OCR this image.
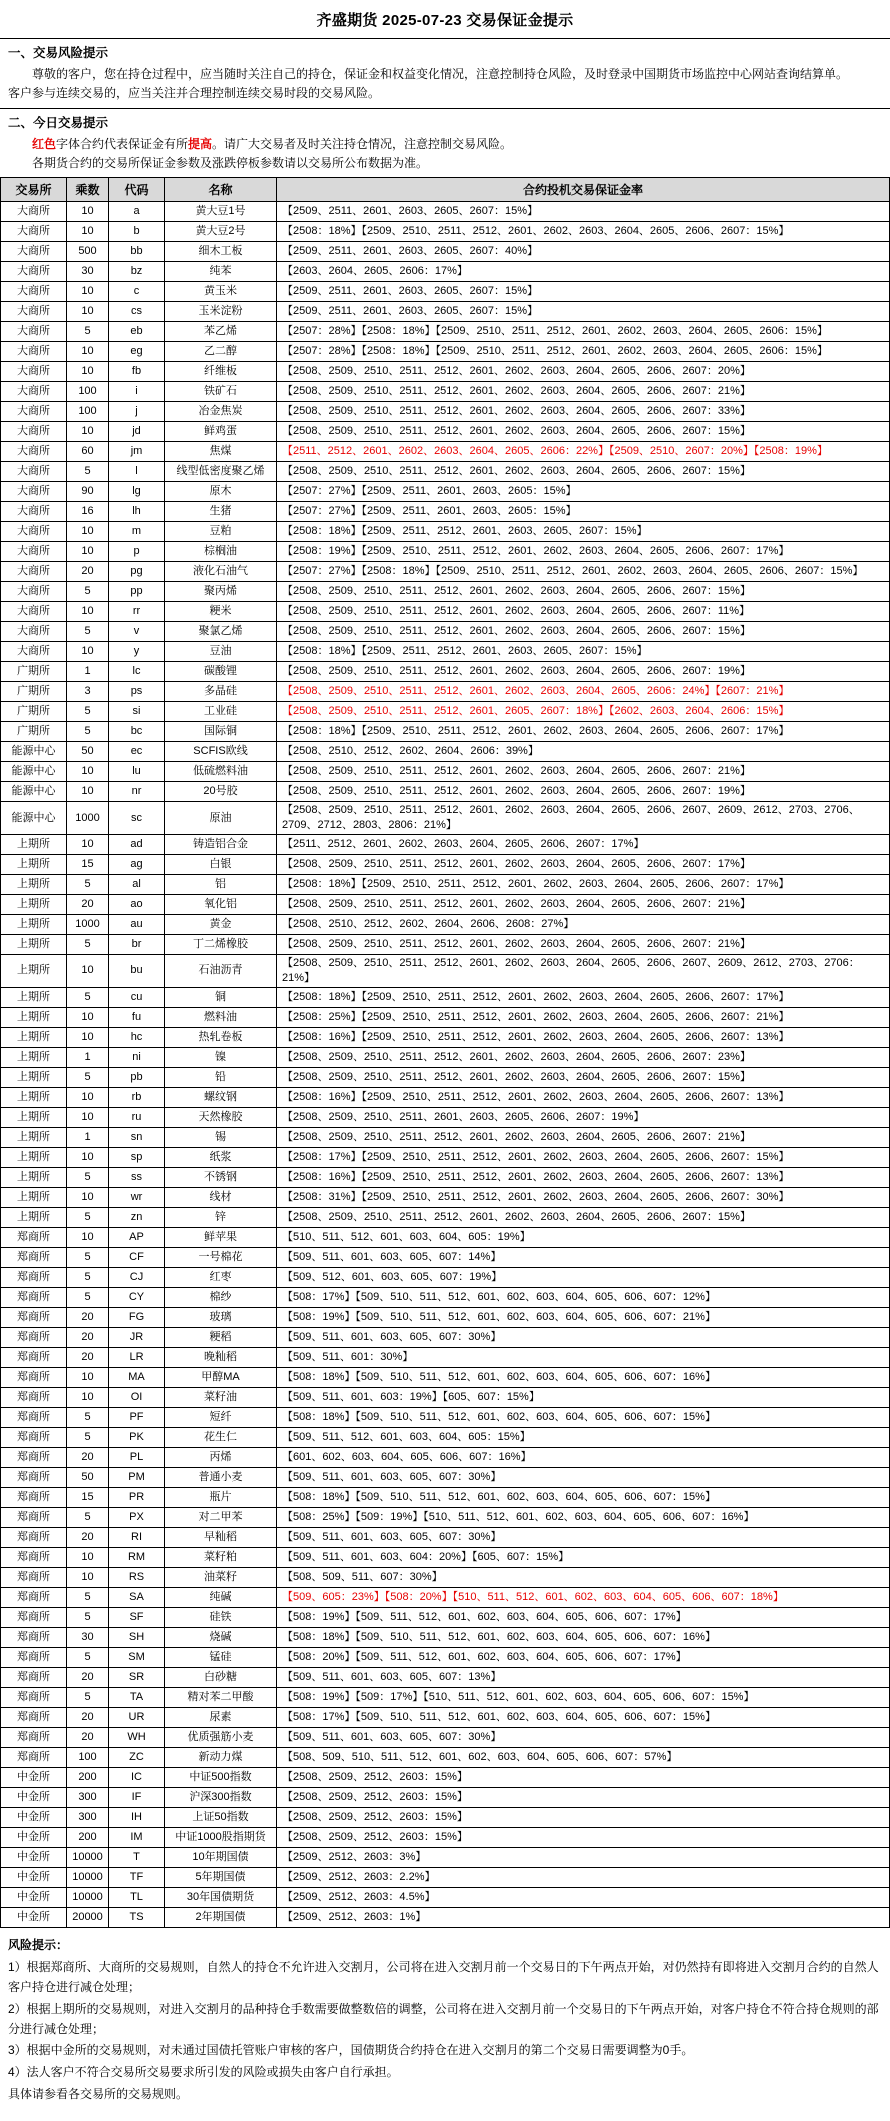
齐盛期货 2025-07-23 交易保证金提示
一、交易风险提示
尊敬的客户，您在持仓过程中，应当随时关注自己的持仓，保证金和权益变化情况，注意控制持仓风险，及时登录中国期货市场监控中心网站查询结算单。
客户参与连续交易的，应当关注并合理控制连续交易时段的交易风险。
二、今日交易提示
红色字体合约代表保证金有所提高。请广大交易者及时关注持仓情况，注意控制交易风险。
各期货合约的交易所保证金参数及涨跌停板参数请以交易所公布数据为准。
交易所	乘数	代码	名称	合约投机交易保证金率
大商所	10	a	黄大豆1号	【2509、2511、2601、2603、2605、2607：15%】
大商所	10	b	黄大豆2号	【2508：18%】【2509、2510、2511、2512、2601、2602、2603、2604、2605、2606、2607：15%】
大商所	500	bb	细木工板	【2509、2511、2601、2603、2605、2607：40%】
大商所	30	bz	纯苯	【2603、2604、2605、2606：17%】
大商所	10	c	黄玉米	【2509、2511、2601、2603、2605、2607：15%】
大商所	10	cs	玉米淀粉	【2509、2511、2601、2603、2605、2607：15%】
大商所	5	eb	苯乙烯	【2507：28%】【2508：18%】【2509、2510、2511、2512、2601、2602、2603、2604、2605、2606：15%】
大商所	10	eg	乙二醇	【2507：28%】【2508：18%】【2509、2510、2511、2512、2601、2602、2603、2604、2605、2606：15%】
大商所	10	fb	纤维板	【2508、2509、2510、2511、2512、2601、2602、2603、2604、2605、2606、2607：20%】
大商所	100	i	铁矿石	【2508、2509、2510、2511、2512、2601、2602、2603、2604、2605、2606、2607：21%】
大商所	100	j	冶金焦炭	【2508、2509、2510、2511、2512、2601、2602、2603、2604、2605、2606、2607：33%】
大商所	10	jd	鲜鸡蛋	【2508、2509、2510、2511、2512、2601、2602、2603、2604、2605、2606、2607：15%】
大商所	60	jm	焦煤	【2511、2512、2601、2602、2603、2604、2605、2606：22%】【2509、2510、2607：20%】【2508：19%】
大商所	5	l	线型低密度聚乙烯	【2508、2509、2510、2511、2512、2601、2602、2603、2604、2605、2606、2607：15%】
大商所	90	lg	原木	【2507：27%】【2509、2511、2601、2603、2605：15%】
大商所	16	lh	生猪	【2507：27%】【2509、2511、2601、2603、2605：15%】
大商所	10	m	豆粕	【2508：18%】【2509、2511、2512、2601、2603、2605、2607：15%】
大商所	10	p	棕榈油	【2508：19%】【2509、2510、2511、2512、2601、2602、2603、2604、2605、2606、2607：17%】
大商所	20	pg	液化石油气	【2507：27%】【2508：18%】【2509、2510、2511、2512、2601、2602、2603、2604、2605、2606、2607：15%】
大商所	5	pp	聚丙烯	【2508、2509、2510、2511、2512、2601、2602、2603、2604、2605、2606、2607：15%】
大商所	10	rr	粳米	【2508、2509、2510、2511、2512、2601、2602、2603、2604、2605、2606、2607：11%】
大商所	5	v	聚氯乙烯	【2508、2509、2510、2511、2512、2601、2602、2603、2604、2605、2606、2607：15%】
大商所	10	y	豆油	【2508：18%】【2509、2511、2512、2601、2603、2605、2607：15%】
广期所	1	lc	碳酸锂	【2508、2509、2510、2511、2512、2601、2602、2603、2604、2605、2606、2607：19%】
广期所	3	ps	多晶硅	【2508、2509、2510、2511、2512、2601、2602、2603、2604、2605、2606：24%】【2607：21%】
广期所	5	si	工业硅	【2508、2509、2510、2511、2512、2601、2605、2607：18%】【2602、2603、2604、2606：15%】
广期所	5	bc	国际铜	【2508：18%】【2509、2510、2511、2512、2601、2602、2603、2604、2605、2606、2607：17%】
能源中心	50	ec	SCFIS欧线	【2508、2510、2512、2602、2604、2606：39%】
能源中心	10	lu	低硫燃料油	【2508、2509、2510、2511、2512、2601、2602、2603、2604、2605、2606、2607：21%】
能源中心	10	nr	20号胶	【2508、2509、2510、2511、2512、2601、2602、2603、2604、2605、2606、2607：19%】
能源中心	1000	sc	原油	【2508、2509、2510、2511、2512、2601、2602、2603、2604、2605、2606、2607、2609、2612、2703、2706、2709、2712、2803、2806：21%】
上期所	10	ad	铸造铝合金	【2511、2512、2601、2602、2603、2604、2605、2606、2607：17%】
上期所	15	ag	白银	【2508、2509、2510、2511、2512、2601、2602、2603、2604、2605、2606、2607：17%】
上期所	5	al	铝	【2508：18%】【2509、2510、2511、2512、2601、2602、2603、2604、2605、2606、2607：17%】
上期所	20	ao	氧化铝	【2508、2509、2510、2511、2512、2601、2602、2603、2604、2605、2606、2607：21%】
上期所	1000	au	黄金	【2508、2510、2512、2602、2604、2606、2608：27%】
上期所	5	br	丁二烯橡胶	【2508、2509、2510、2511、2512、2601、2602、2603、2604、2605、2606、2607：21%】
上期所	10	bu	石油沥青	【2508、2509、2510、2511、2512、2601、2602、2603、2604、2605、2606、2607、2609、2612、2703、2706：21%】
上期所	5	cu	铜	【2508：18%】【2509、2510、2511、2512、2601、2602、2603、2604、2605、2606、2607：17%】
上期所	10	fu	燃料油	【2508：25%】【2509、2510、2511、2512、2601、2602、2603、2604、2605、2606、2607：21%】
上期所	10	hc	热轧卷板	【2508：16%】【2509、2510、2511、2512、2601、2602、2603、2604、2605、2606、2607：13%】
上期所	1	ni	镍	【2508、2509、2510、2511、2512、2601、2602、2603、2604、2605、2606、2607：23%】
上期所	5	pb	铅	【2508、2509、2510、2511、2512、2601、2602、2603、2604、2605、2606、2607：15%】
上期所	10	rb	螺纹钢	【2508：16%】【2509、2510、2511、2512、2601、2602、2603、2604、2605、2606、2607：13%】
上期所	10	ru	天然橡胶	【2508、2509、2510、2511、2601、2603、2605、2606、2607：19%】
上期所	1	sn	锡	【2508、2509、2510、2511、2512、2601、2602、2603、2604、2605、2606、2607：21%】
上期所	10	sp	纸浆	【2508：17%】【2509、2510、2511、2512、2601、2602、2603、2604、2605、2606、2607：15%】
上期所	5	ss	不锈钢	【2508：16%】【2509、2510、2511、2512、2601、2602、2603、2604、2605、2606、2607：13%】
上期所	10	wr	线材	【2508：31%】【2509、2510、2511、2512、2601、2602、2603、2604、2605、2606、2607：30%】
上期所	5	zn	锌	【2508、2509、2510、2511、2512、2601、2602、2603、2604、2605、2606、2607：15%】
郑商所	10	AP	鲜苹果	【510、511、512、601、603、604、605：19%】
郑商所	5	CF	一号棉花	【509、511、601、603、605、607：14%】
郑商所	5	CJ	红枣	【509、512、601、603、605、607：19%】
郑商所	5	CY	棉纱	【508：17%】【509、510、511、512、601、602、603、604、605、606、607：12%】
郑商所	20	FG	玻璃	【508：19%】【509、510、511、512、601、602、603、604、605、606、607：21%】
郑商所	20	JR	粳稻	【509、511、601、603、605、607：30%】
郑商所	20	LR	晚籼稻	【509、511、601：30%】
郑商所	10	MA	甲醇MA	【508：18%】【509、510、511、512、601、602、603、604、605、606、607：16%】
郑商所	10	OI	菜籽油	【509、511、601、603：19%】【605、607：15%】
郑商所	5	PF	短纤	【508：18%】【509、510、511、512、601、602、603、604、605、606、607：15%】
郑商所	5	PK	花生仁	【509、511、512、601、603、604、605：15%】
郑商所	20	PL	丙烯	【601、602、603、604、605、606、607：16%】
郑商所	50	PM	普通小麦	【509、511、601、603、605、607：30%】
郑商所	15	PR	瓶片	【508：18%】【509、510、511、512、601、602、603、604、605、606、607：15%】
郑商所	5	PX	对二甲苯	【508：25%】【509：19%】【510、511、512、601、602、603、604、605、606、607：16%】
郑商所	20	RI	早籼稻	【509、511、601、603、605、607：30%】
郑商所	10	RM	菜籽粕	【509、511、601、603、604：20%】【605、607：15%】
郑商所	10	RS	油菜籽	【508、509、511、607：30%】
郑商所	5	SA	纯碱	【509、605：23%】【508：20%】【510、511、512、601、602、603、604、605、606、607：18%】
郑商所	5	SF	硅铁	【508：19%】【509、511、512、601、602、603、604、605、606、607：17%】
郑商所	30	SH	烧碱	【508：18%】【509、510、511、512、601、602、603、604、605、606、607：16%】
郑商所	5	SM	锰硅	【508：20%】【509、511、512、601、602、603、604、605、606、607：17%】
郑商所	20	SR	白砂糖	【509、511、601、603、605、607：13%】
郑商所	5	TA	精对苯二甲酸	【508：19%】【509：17%】【510、511、512、601、602、603、604、605、606、607：15%】
郑商所	20	UR	尿素	【508：17%】【509、510、511、512、601、602、603、604、605、606、607：15%】
郑商所	20	WH	优质强筋小麦	【509、511、601、603、605、607：30%】
郑商所	100	ZC	新动力煤	【508、509、510、511、512、601、602、603、604、605、606、607：57%】
中金所	200	IC	中证500指数	【2508、2509、2512、2603：15%】
中金所	300	IF	沪深300指数	【2508、2509、2512、2603：15%】
中金所	300	IH	上证50指数	【2508、2509、2512、2603：15%】
中金所	200	IM	中证1000股指期货	【2508、2509、2512、2603：15%】
中金所	10000	T	10年期国债	【2509、2512、2603：3%】
中金所	10000	TF	5年期国债	【2509、2512、2603：2.2%】
中金所	10000	TL	30年国债期货	【2509、2512、2603：4.5%】
中金所	20000	TS	2年期国债	【2509、2512、2603：1%】

风险提示：

1）根据郑商所、大商所的交易规则，自然人的持仓不允许进入交割月，公司将在进入交割月前一个交易日的下午两点开始，对仍然持有即将进入交割月合约的自然人客户持仓进行减仓处理；

2）根据上期所的交易规则，对进入交割月的品种持仓手数需要做整数倍的调整，公司将在进入交割月前一个交易日的下午两点开始，对客户持仓不符合持仓规则的部分进行减仓处理；

3）根据中金所的交易规则，对未通过国债托管账户审核的客户，国债期货合约持仓在进入交割月的第二个交易日需要调整为0手。

4）法人客户不符合交易所交易要求所引发的风险或损失由客户自行承担。

具体请参看各交易所的交易规则。
